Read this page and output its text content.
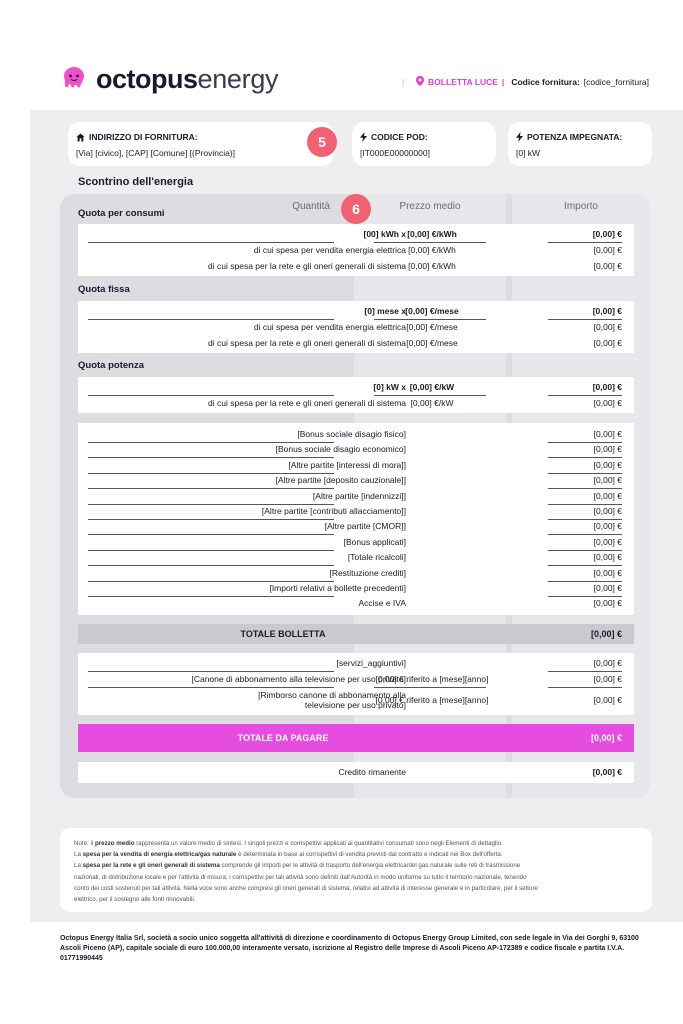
octopusenergy	|	BOLLETTA LUCE | Codice fornitura: [codice_fornitura]
INDIRIZZO DI FORNITURA:
[Via] [civico], [CAP] [Comune] [(Provincia)]
CODICE POD:
[IT000E00000000]
POTENZA IMPEGNATA:
[0] kW
5
Scontrino dell'energia
Quantità	Prezzo medio	Importo
6
Quota per consumi
[00] kWh x [0,00] €/kWh	[0,00] €
di cui spesa per vendita energia elettrica [0,00] €/kWh	[0,00] €
di cui spesa per la rete e gli oneri generali di sistema [0,00] €/kWh	[0,00] €
Quota fissa
[0] mese x [0,00] €/mese	[0,00] €
di cui spesa per vendita energia elettrica [0,00] €/mese	[0,00] €
di cui spesa per la rete e gli oneri generali di sistema [0,00] €/mese	[0,00] €
Quota potenza
[0] kW x [0,00] €/kW	[0,00] €
di cui spesa per la rete e gli oneri generali di sistema [0,00] €/kW	[0,00] €
[Bonus sociale disagio fisico]	[0,00] €
[Bonus sociale disagio economico]	[0,00] €
[Altre partite [interessi di mora]]	[0,00] €
[Altre partite [deposito cauzionale]]	[0,00] €
[Altre partite [indennizzi]]	[0,00] €
[Altre partite [contributi allacciamento]]	[0,00] €
[Altre partite [CMOR]]	[0,00] €
[Bonus applicati]	[0,00] €
[Totale ricalcoli]	[0,00] €
[Restituzione crediti]	[0,00] €
[Importi relativi a bollette precedenti]	[0,00] €
Accise e IVA	[0,00] €
TOTALE BOLLETTA	[0,00] €
[servizi_aggiuntivi]	[0,00] €
[Canone di abbonamento alla televisione per uso privato]
[0,00] € riferito a [mese][anno]	[0,00] €
[Rimborso canone di abbonamento alla
televisione per uso privato]
[0,00] € riferito a [mese][anno]	[0,00] €
TOTALE DA PAGARE	[0,00] €
Credito rimanente	[0,00] €
Note: il prezzo medio rappresenta un valore medio di sintesi. I singoli prezzi e corrispettivi applicati ai quantitativi consumati sono negli Elementi di dettaglio.
La spesa per la vendita di energia elettrica/gas naturale è determinata in base ai corrispettivi di vendita previsti dal contratto e indicati nel Box dell'offerta.
La spesa per la rete e gli oneri generali di sistema comprende gli importi per le attività di trasporto dell'energia elettrica/del gas naturale sulle reti di trasmissione
nazionali, di distribuzione locale e per l'attività di misura; i corrispettivi per tali attività sono definiti dall'Autorità in modo uniforme su tutto il territorio nazionale, tenendo
conto dei costi sostenuti per tali attività. Nella voce sono anche compresi gli oneri generali di sistema, relativi ad attività di interesse generale e in particolare, per il settore
elettrico, per il sostegno alle fonti rinnovabili.
Octopus Energy Italia Srl, società a socio unico soggetta all'attività di direzione e coordinamento di Octopus Energy Group Limited, con sede legale in Via dei Gorghi 9, 63100
Ascoli Piceno (AP), capitale sociale di euro 100.000,00 interamente versato, iscrizione al Registro delle Imprese di Ascoli Piceno AP-172389 e codice fiscale e partita I.V.A.
01771990445
